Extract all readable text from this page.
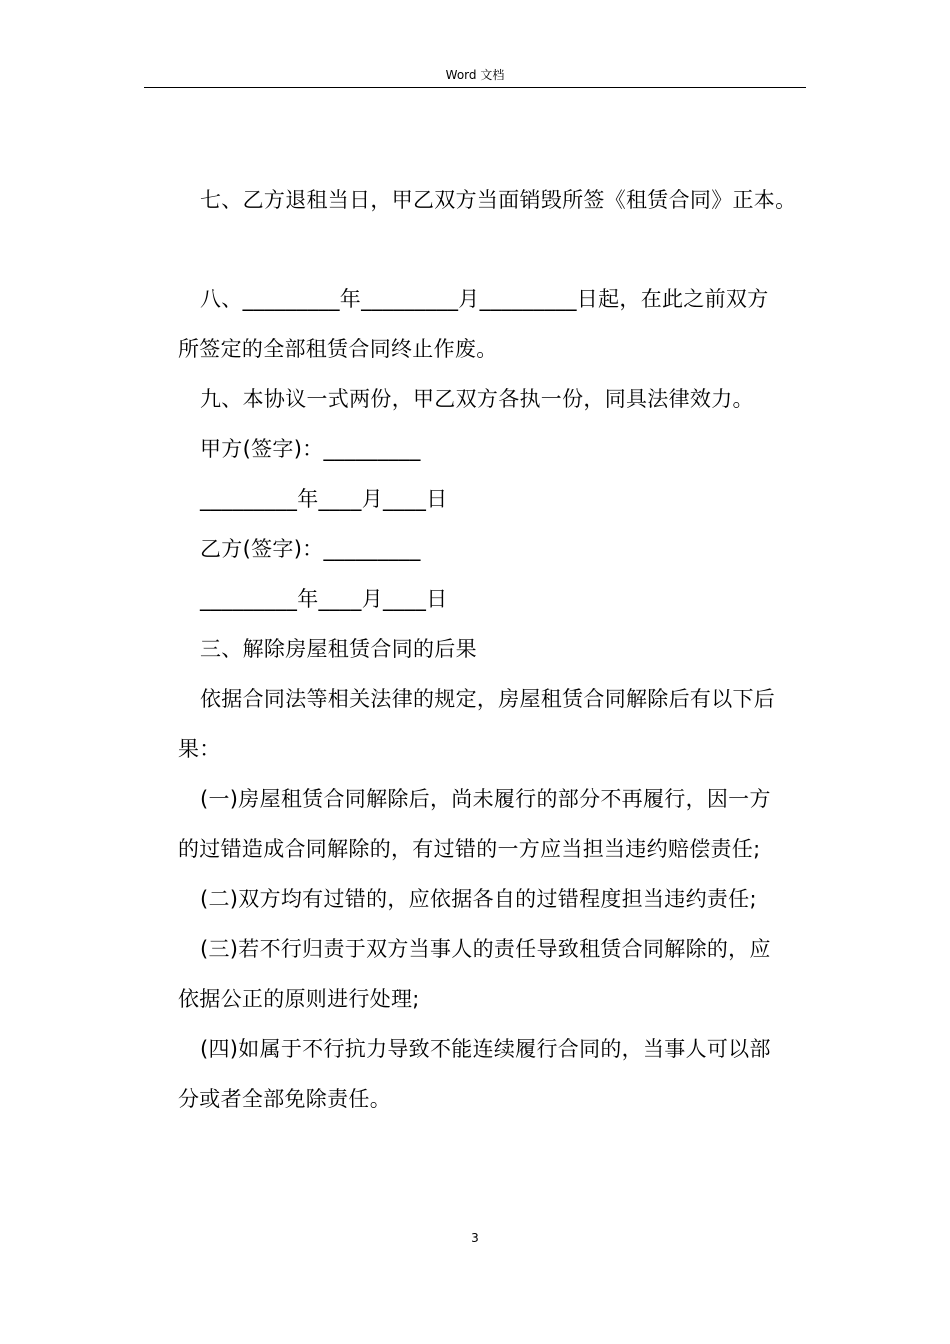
Word 文档
七、乙方退租当日，甲乙双方当面销毁所签《租赁合同》正本。
八、_________年_________月_________日起，在此之前双方
所签定的全部租赁合同终止作废。
九、本协议一式两份，甲乙双方各执一份，同具法律效力。
甲方(签字)：_________
_________年____月____日
乙方(签字)：_________
_________年____月____日
三、解除房屋租赁合同的后果
依据合同法等相关法律的规定，房屋租赁合同解除后有以下后
果：
(一)房屋租赁合同解除后，尚未履行的部分不再履行，因一方
的过错造成合同解除的，有过错的一方应当担当违约赔偿责任;
(二)双方均有过错的，应依据各自的过错程度担当违约责任;
(三)若不行归责于双方当事人的责任导致租赁合同解除的，应
依据公正的原则进行处理;
(四)如属于不行抗力导致不能连续履行合同的，当事人可以部
分或者全部免除责任。
3
